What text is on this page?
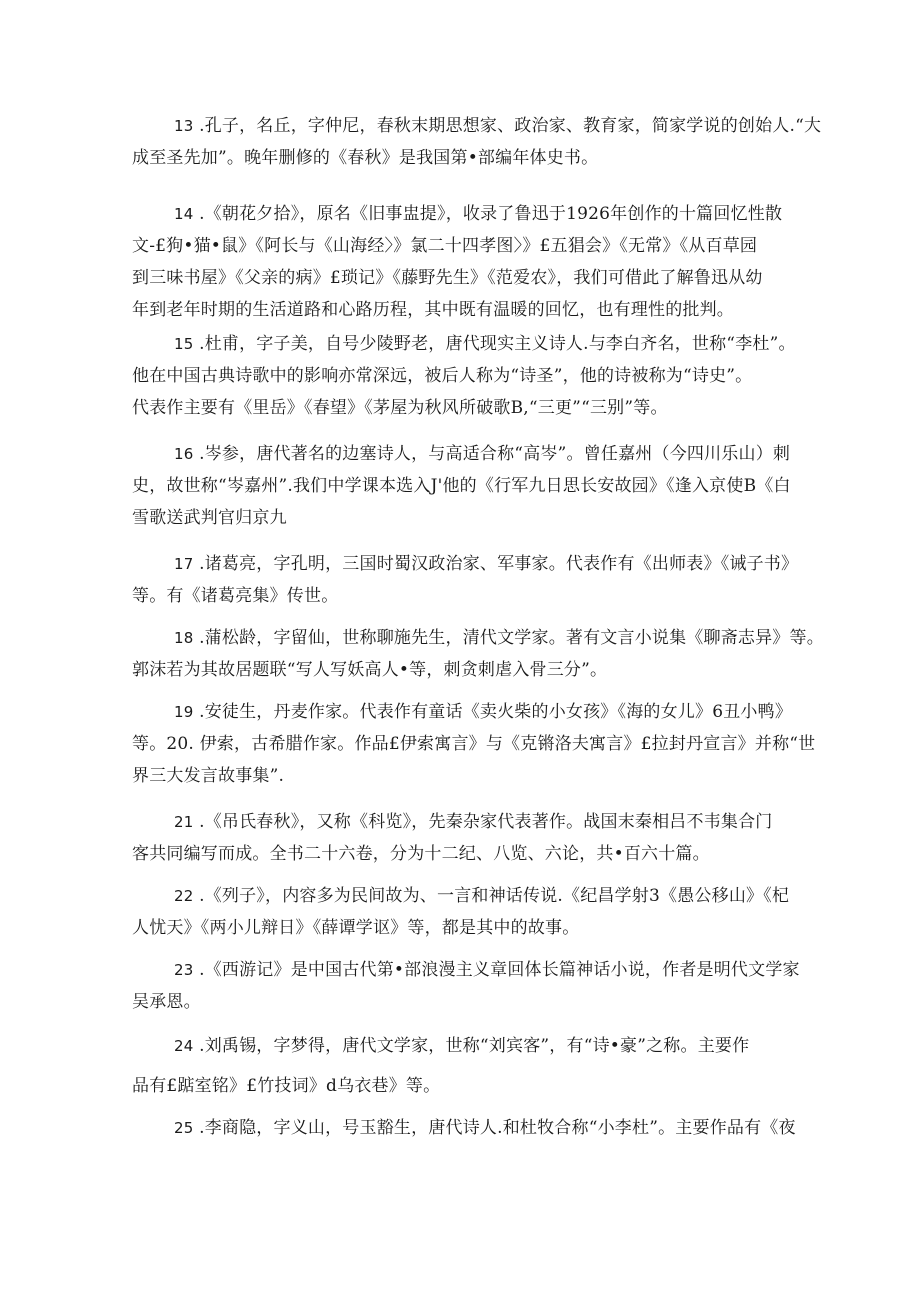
13 .孔子，名丘，字仲尼，春秋末期思想家、政治家、教育家，简家学说的创始人.“大
成至圣先加”。晚年删修的《春秋》是我国第•部编年体史书。
14 .《朝花夕拾》，原名《旧事盅提》，收录了鲁迅于1926年创作的十篇回忆性散
文-£狗•猫•鼠》《阿长与《山海经〉》氯二十四孝图〉》£五猖会》《无常》《从百草园
到三味书屋》《父亲的病》£琐记》《藤野先生》《范爱农》，我们可借此了解鲁迅从幼
年到老年时期的生活道路和心路历程，其中既有温暖的回忆，也有理性的批判。
15 .杜甫，字子美，自号少陵野老，唐代现实主义诗人.与李白齐名，世称“李杜”。
他在中国古典诗歌中的影响亦常深远，被后人称为“诗圣”，他的诗被称为“诗史”。
代表作主要有《里岳》《春望》《茅屋为秋风所破歌B,“三更”“三别”等。
16 .岑参，唐代著名的边塞诗人，与高适合称“高岑”。曾任嘉州（今四川乐山）刺
史，故世称“岑嘉州”.我们中学课本选入J'他的《行军九日思长安故园》《逢入京使B《白
雪歌送武判官归京九
17 .诸葛亮，字孔明，三国时蜀汉政治家、军事家。代表作有《出师表》《诫子书》
等。有《诸葛亮集》传世。
18 .蒲松龄，字留仙，世称聊施先生，清代文学家。著有文言小说集《聊斋志异》等。
郭沫若为其故居题联“写人写妖高人•等，刺贪刺虐入骨三分”。
19 .安徒生，丹麦作家。代表作有童话《卖火柴的小女孩》《海的女儿》6丑小鸭》
等。20. 伊索，古希腊作家。作品£伊索寓言》与《克锵洛夫寓言》£拉封丹宣言》并称“世
界三大发言故事集”.
21 .《吊氏春秋》，又称《科览》，先秦杂家代表著作。战国末秦相吕不韦集合门
客共同编写而成。全书二十六卷，分为十二纪、八览、六论，共•百六十篇。
22 .《列子》，内容多为民间故为、一言和神话传说.《纪昌学射3《愚公移山》《杞
人忧天》《两小儿辩日》《薛谭学讴》等，都是其中的故事。
23 .《西游记》是中国古代第•部浪漫主义章回体长篇神话小说，作者是明代文学家
吴承恩。
24 .刘禹锡，字梦得，唐代文学家，世称“刘宾客”，有“诗•豪”之称。主要作
品有£踮室铭》£竹技词》d乌衣巷》等。
25 .李商隐，字义山，号玉豁生，唐代诗人.和杜牧合称“小李杜”。主要作品有《夜
